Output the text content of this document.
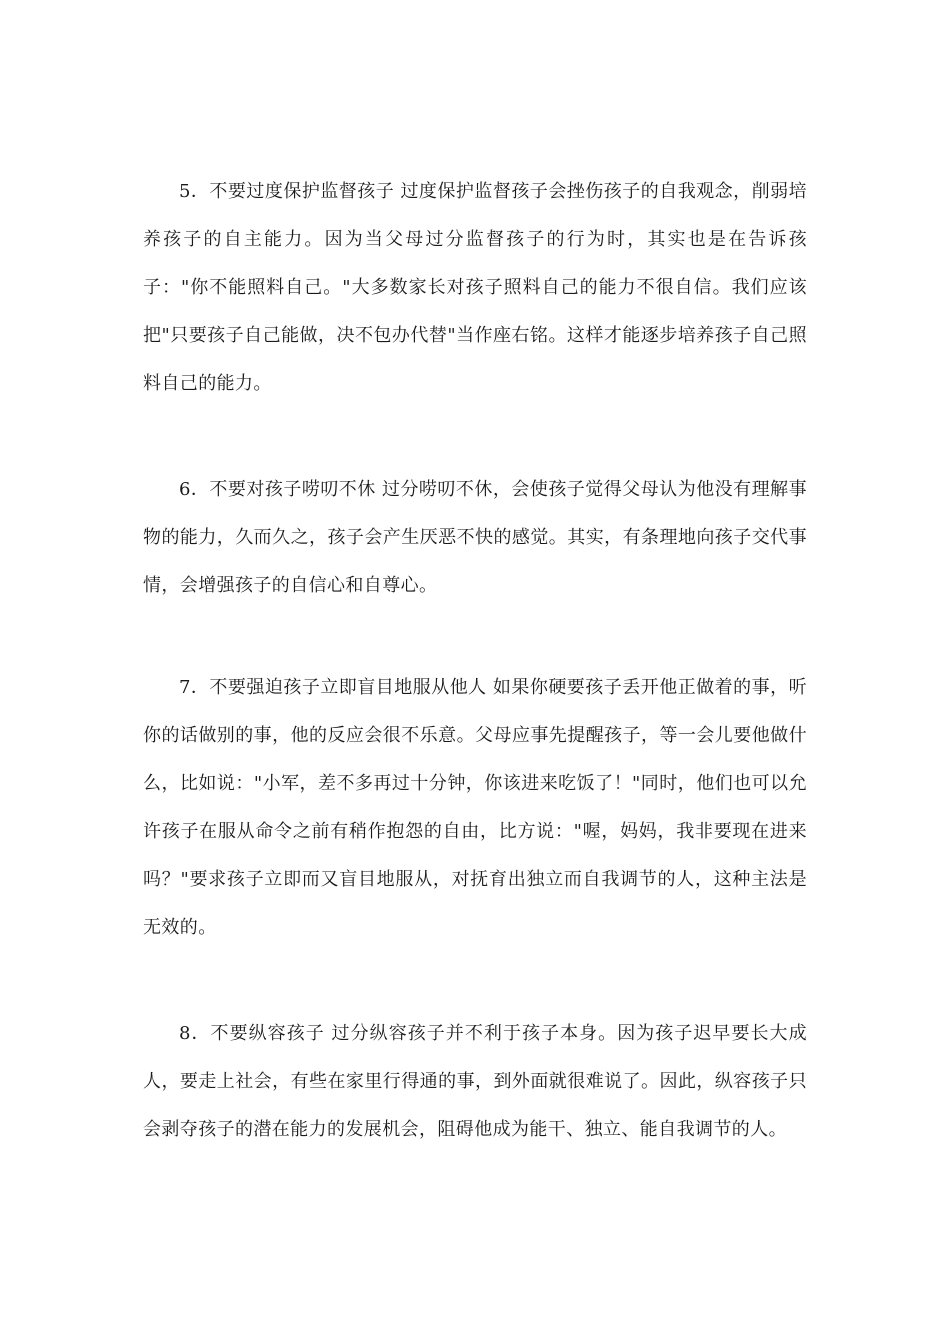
5．不要过度保护监督孩子 过度保护监督孩子会挫伤孩子的自我观念，削弱培养孩子的自主能力。因为当父母过分监督孩子的行为时，其实也是在告诉孩子："你不能照料自己。"大多数家长对孩子照料自己的能力不很自信。我们应该把"只要孩子自己能做，决不包办代替"当作座右铭。这样才能逐步培养孩子自己照料自己的能力。

6．不要对孩子唠叨不休 过分唠叨不休，会使孩子觉得父母认为他没有理解事物的能力，久而久之，孩子会产生厌恶不快的感觉。其实，有条理地向孩子交代事情，会增强孩子的自信心和自尊心。

7．不要强迫孩子立即盲目地服从他人 如果你硬要孩子丢开他正做着的事，听你的话做别的事，他的反应会很不乐意。父母应事先提醒孩子，等一会儿要他做什么，比如说："小军，差不多再过十分钟，你该进来吃饭了！"同时，他们也可以允许孩子在服从命令之前有稍作抱怨的自由，比方说："喔，妈妈，我非要现在进来吗？"要求孩子立即而又盲目地服从，对抚育出独立而自我调节的人，这种主法是无效的。

8．不要纵容孩子 过分纵容孩子并不利于孩子本身。因为孩子迟早要长大成人，要走上社会，有些在家里行得通的事，到外面就很难说了。因此，纵容孩子只会剥夺孩子的潜在能力的发展机会，阻碍他成为能干、独立、能自我调节的人。
